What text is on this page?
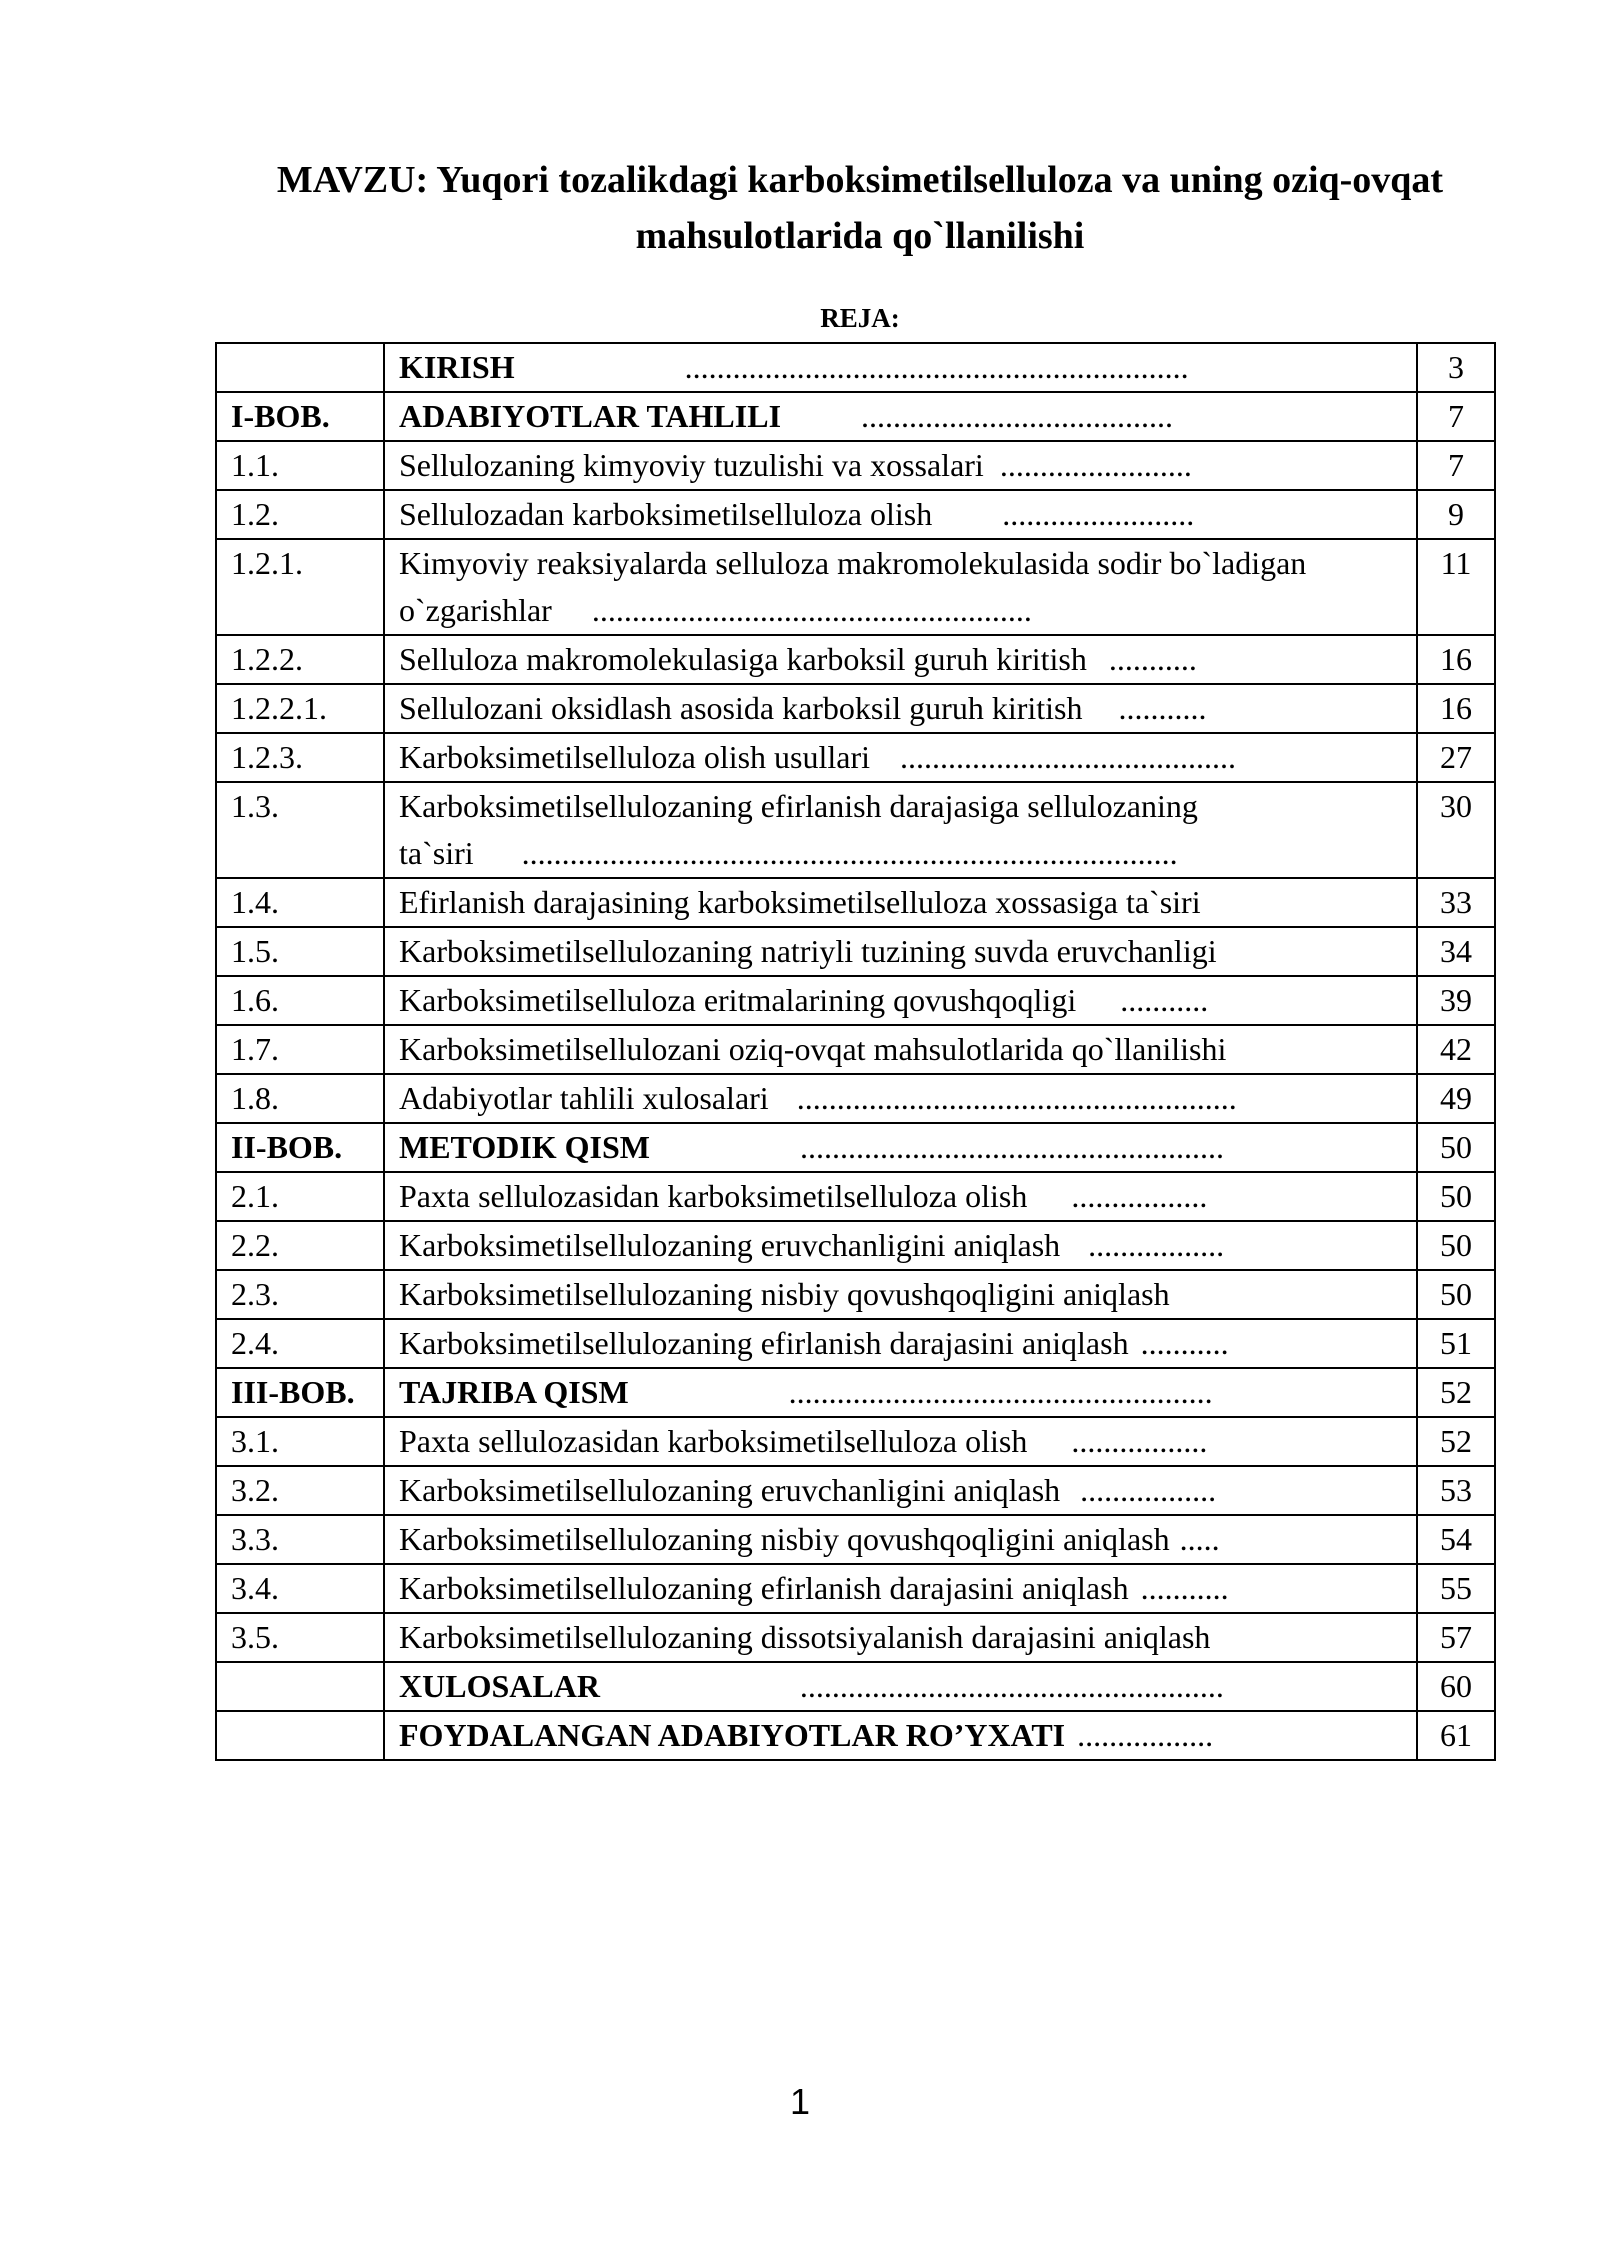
MAVZU: Yuqori tozalikdagi karboksimetilselluloza va uning oziq-ovqat mahsulotlarida qo`llanilishi
REJA:
	KIRISH ...............................................................	3
I-BOB.	ADABIYOTLAR TAHLILI .......................................	7
1.1.	Sellulozaning kimyoviy tuzulishi va xossalari ........................	7
1.2.	Sellulozadan karboksimetilselluloza olish ........................	9
1.2.1.	Kimyoviy reaksiyalarda selluloza makromolekulasida sodir bo`ladigan o`zgarishlar .......................................................	11
1.2.2.	Selluloza makromolekulasiga karboksil guruh kiritish ...........	16
1.2.2.1.	Sellulozani oksidlash asosida karboksil guruh kiritish ...........	16
1.2.3.	Karboksimetilselluloza olish usullari ..........................................	27
1.3.	Karboksimetilsellulozaning efirlanish darajasiga sellulozaning ta`siri ..................................................................................	30
1.4.	Efirlanish darajasining karboksimetilselluloza xossasiga ta`siri	33
1.5.	Karboksimetilsellulozaning natriyli tuzining suvda eruvchanligi	34
1.6.	Karboksimetilselluloza eritmalarining qovushqoqligi ...........	39
1.7.	Karboksimetilsellulozani oziq-ovqat mahsulotlarida qo`llanilishi	42
1.8.	Adabiyotlar tahlili xulosalari .......................................................	49
II-BOB.	METODIK QISM .....................................................	50
2.1.	Paxta sellulozasidan karboksimetilselluloza olish .................	50
2.2.	Karboksimetilsellulozaning eruvchanligini aniqlash .................	50
2.3.	Karboksimetilsellulozaning nisbiy qovushqoqligini aniqlash	50
2.4.	Karboksimetilsellulozaning efirlanish darajasini aniqlash ...........	51
III-BOB.	TAJRIBA QISM .....................................................	52
3.1.	Paxta sellulozasidan karboksimetilselluloza olish .................	52
3.2.	Karboksimetilsellulozaning eruvchanligini aniqlash .................	53
3.3.	Karboksimetilsellulozaning nisbiy qovushqoqligini aniqlash .....	54
3.4.	Karboksimetilsellulozaning efirlanish darajasini aniqlash ...........	55
3.5.	Karboksimetilsellulozaning dissotsiyalanish darajasini aniqlash	57
	XULOSALAR .....................................................	60
	FOYDALANGAN ADABIYOTLAR RO’YXATI .................	61
1
